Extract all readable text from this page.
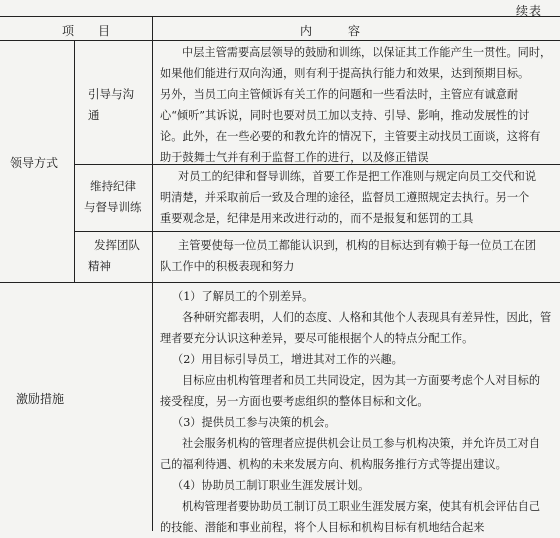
续表
项　　目	内　　　容
领导方式
引导与沟
通
中层主管需要高层领导的鼓励和训练，以保证其工作能产生一贯性。同时，
如果他们能进行双向沟通，则有利于提高执行能力和效果，达到预期目标。
另外，当员工向主管倾诉有关工作的问题和一些看法时，主管应有诚意耐
心“倾听”其诉说，同时也要对员工加以支持、引导、影响，推动发展性的讨
论。此外，在一些必要的和教允许的情况下，主管要主动找员工面谈，这将有
助于鼓舞士气并有利于监督工作的进行，以及修正错误
维持纪律
与督导训练
对员工的纪律和督导训练，首要工作是把工作准则与规定向员工交代和说
明清楚，并采取前后一致及合理的途径，监督员工遵照规定去执行。另一个
重要观念是，纪律是用来改进行动的，而不是报复和惩罚的工具
发挥团队
精神
主管要使每一位员工都能认识到，机构的目标达到有赖于每一位员工在团
队工作中的积极表现和努力
激励措施
（1）了解员工的个别差异。
各种研究都表明，人们的态度、人格和其他个人表现具有差异性，因此，管
理者要充分认识这种差异，要尽可能根据个人的特点分配工作。
（2）用目标引导员工，增进其对工作的兴趣。
目标应由机构管理者和员工共同设定，因为其一方面要考虑个人对目标的
接受程度，另一方面也要考虑组织的整体目标和文化。
（3）提供员工参与决策的机会。
社会服务机构的管理者应提供机会让员工参与机构决策，并允许员工对自
己的福利待遇、机构的未来发展方向、机构服务推行方式等提出建议。
（4）协助员工制订职业生涯发展计划。
机构管理者要协助员工制订员工职业生涯发展方案，使其有机会评估自己
的技能、潜能和事业前程，将个人目标和机构目标有机地结合起来
